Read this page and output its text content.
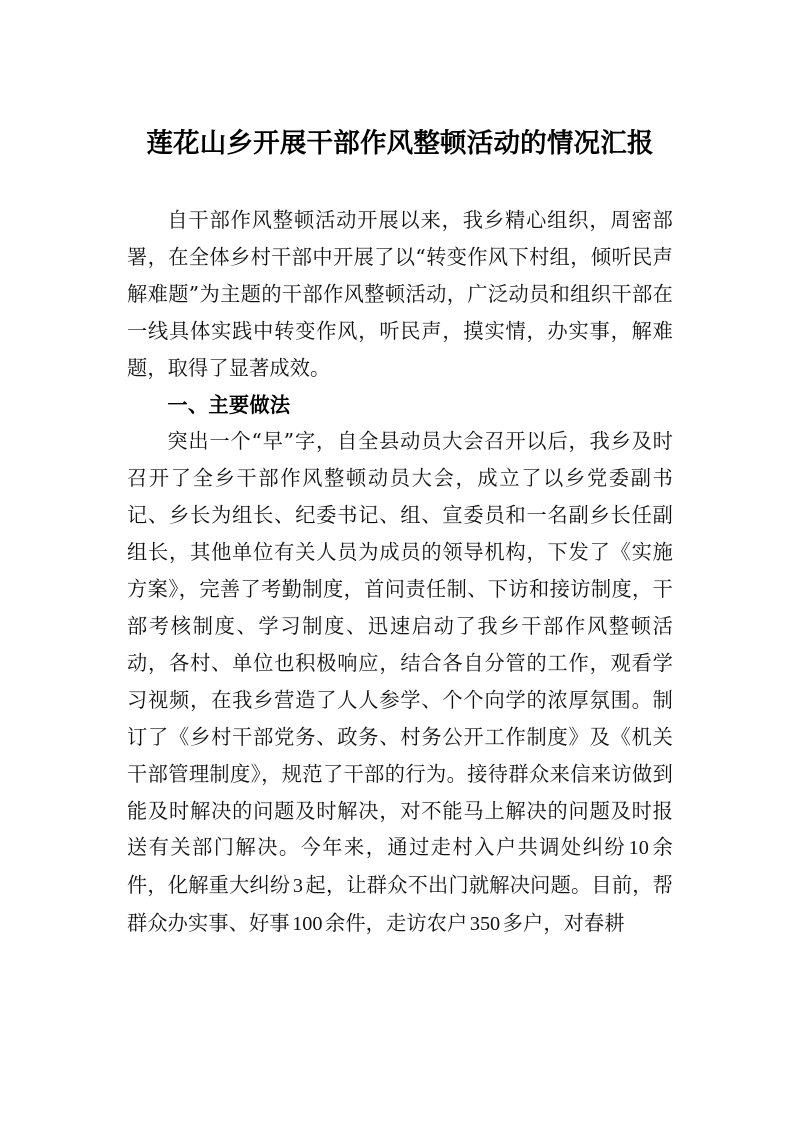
莲花山乡开展干部作风整顿活动的情况汇报

自干部作风整顿活动开展以来，我乡精心组织，周密部署，在全体乡村干部中开展了以“转变作风下村组，倾听民声解难题”为主题的干部作风整顿活动，广泛动员和组织干部在一线具体实践中转变作风，听民声，摸实情，办实事，解难题，取得了显著成效。

一、主要做法

突出一个“早”字，自全县动员大会召开以后，我乡及时召开了全乡干部作风整顿动员大会，成立了以乡党委副书记、乡长为组长、纪委书记、组、宣委员和一名副乡长任副组长，其他单位有关人员为成员的领导机构，下发了《实施方案》，完善了考勤制度，首问责任制、下访和接访制度，干部考核制度、学习制度、迅速启动了我乡干部作风整顿活动，各村、单位也积极响应，结合各自分管的工作，观看学习视频，在我乡营造了人人参学、个个向学的浓厚氛围。制订了《乡村干部党务、政务、村务公开工作制度》及《机关干部管理制度》，规范了干部的行为。接待群众来信来访做到能及时解决的问题及时解决，对不能马上解决的问题及时报送有关部门解决。今年来，通过走村入户共调处纠纷 10 余件，化解重大纠纷 3 起，让群众不出门就解决问题。目前，帮群众办实事、好事 100 余件，走访农户 350 多户，对春耕
